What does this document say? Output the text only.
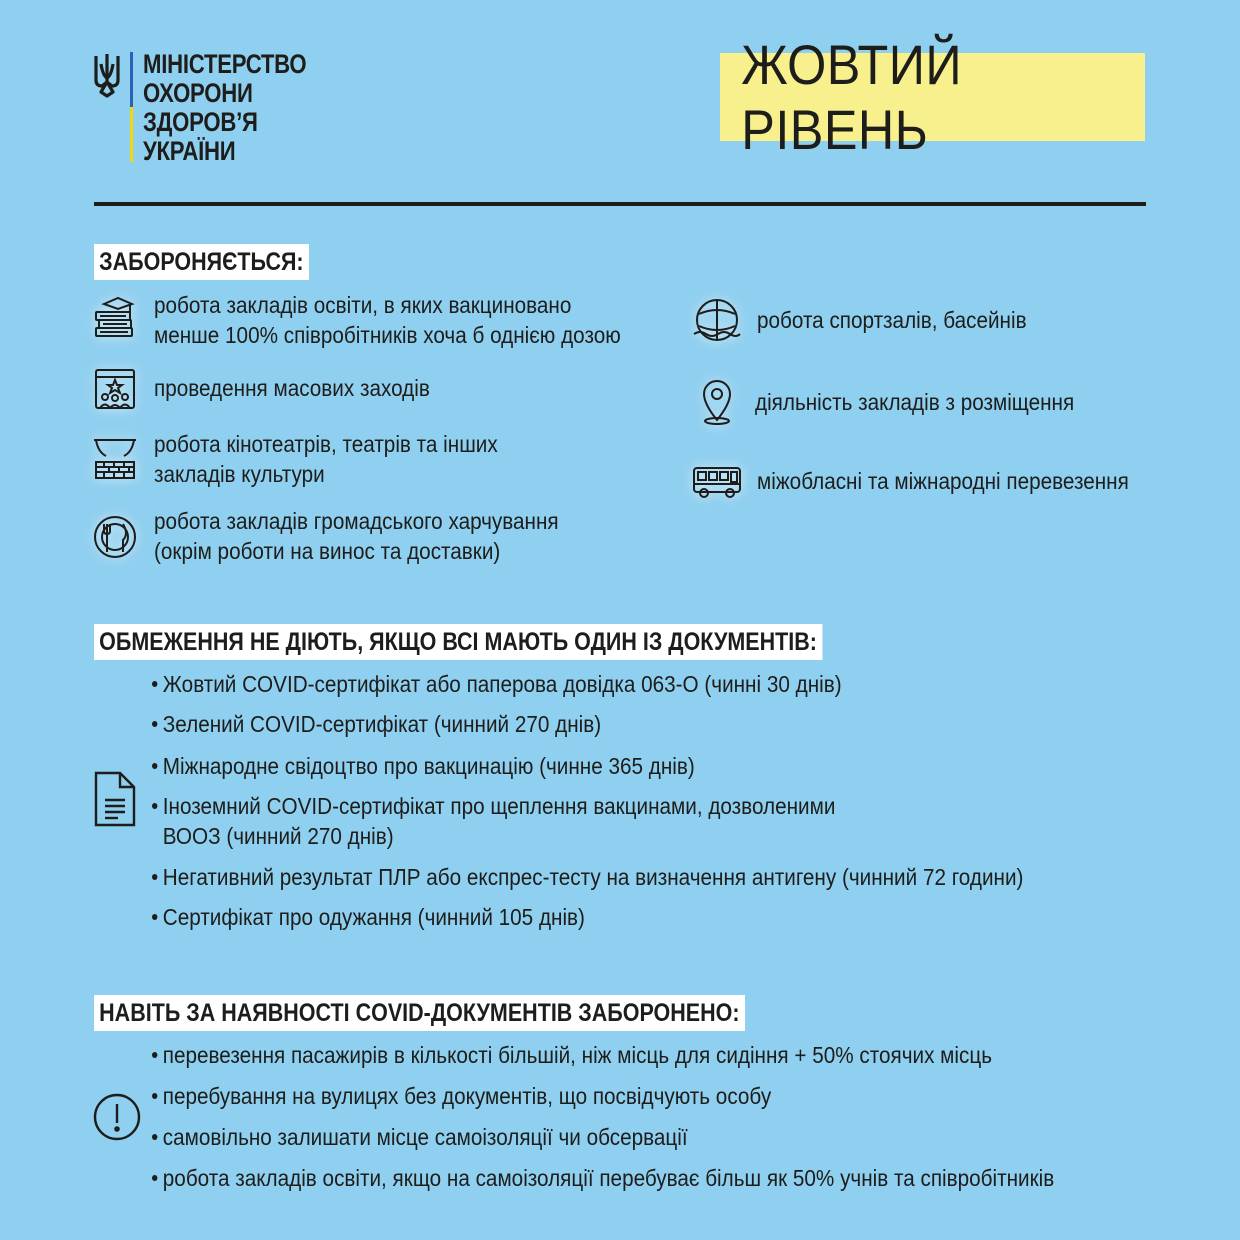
МІНІСТЕРСТВО
ОХОРОНИ
ЗДОРОВ’Я
УКРАЇНИ
ЖОВТИЙ РІВЕНЬ
ЗАБОРОНЯЄТЬСЯ:
робота закладів освіти, в яких вакциновано
менше 100% співробітників хоча б однією дозою
проведення масових заходів
робота кінотеатрів, театрів та інших
закладів культури
робота закладів громадського харчування
(окрім роботи на винос та доставки)
робота спортзалів, басейнів
діяльність закладів з розміщення
міжобласні та міжнародні перевезення
ОБМЕЖЕННЯ НЕ ДІЮТЬ, ЯКЩО ВСІ МАЮТЬ ОДИН ІЗ ДОКУМЕНТІВ:
Жовтий COVID-сертифікат або паперова довідка 063-О (чинні 30 днів)
Зелений COVID-сертифікат (чинний 270 днів)
Міжнародне свідоцтво про вакцинацію (чинне 365 днів)
Іноземний COVID-сертифікат про щеплення вакцинами, дозволеними
ВООЗ (чинний 270 днів)
Негативний результат ПЛР або експрес-тесту на визначення антигену (чинний 72 години)
Сертифікат про одужання (чинний 105 днів)
НАВІТЬ ЗА НАЯВНОСТІ COVID-ДОКУМЕНТІВ ЗАБОРОНЕНО:
перевезення пасажирів в кількості більшій, ніж місць для сидіння + 50% стоячих місць
перебування на вулицях без документів, що посвідчують особу
самовільно залишати місце самоізоляції чи обсервації
робота закладів освіти, якщо на самоізоляції перебуває більш як 50% учнів та співробітників
